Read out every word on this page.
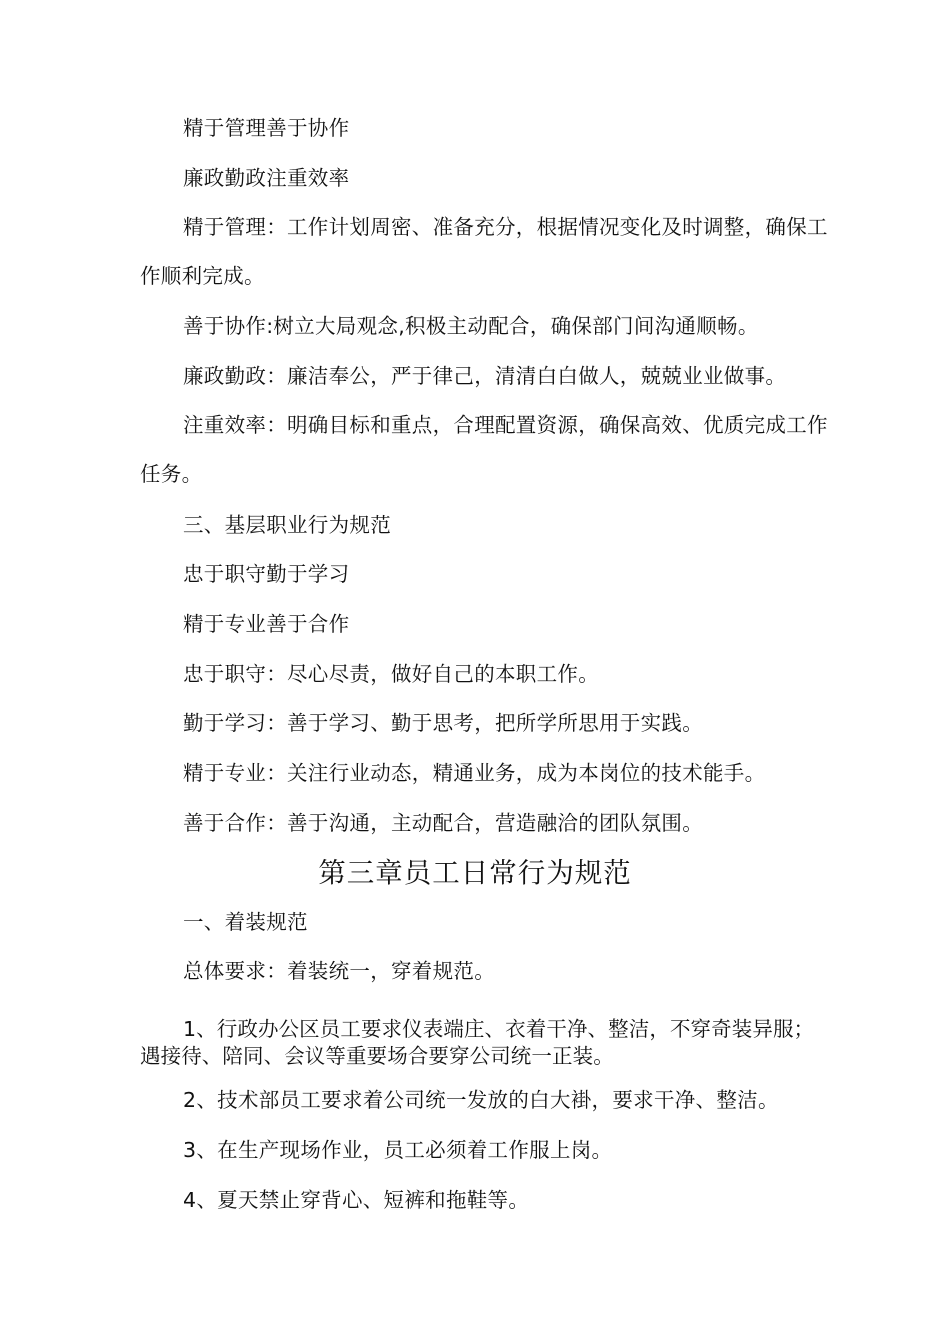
精于管理善于协作
廉政勤政注重效率
精于管理：工作计划周密、准备充分，根据情况变化及时调整，确保工作顺利完成。
善于协作:树立大局观念,积极主动配合，确保部门间沟通顺畅。
廉政勤政：廉洁奉公，严于律己，清清白白做人，兢兢业业做事。
注重效率：明确目标和重点，合理配置资源，确保高效、优质完成工作任务。
三、基层职业行为规范
忠于职守勤于学习
精于专业善于合作
忠于职守：尽心尽责，做好自己的本职工作。
勤于学习：善于学习、勤于思考，把所学所思用于实践。
精于专业：关注行业动态，精通业务，成为本岗位的技术能手。
善于合作：善于沟通，主动配合，营造融洽的团队氛围。
第三章员工日常行为规范
一、着装规范
总体要求：着装统一，穿着规范。
1、行政办公区员工要求仪表端庄、衣着干净、整洁，不穿奇装异服；遇接待、陪同、会议等重要场合要穿公司统一正装。
2、技术部员工要求着公司统一发放的白大褂，要求干净、整洁。
3、在生产现场作业，员工必须着工作服上岗。
4、夏天禁止穿背心、短裤和拖鞋等。
